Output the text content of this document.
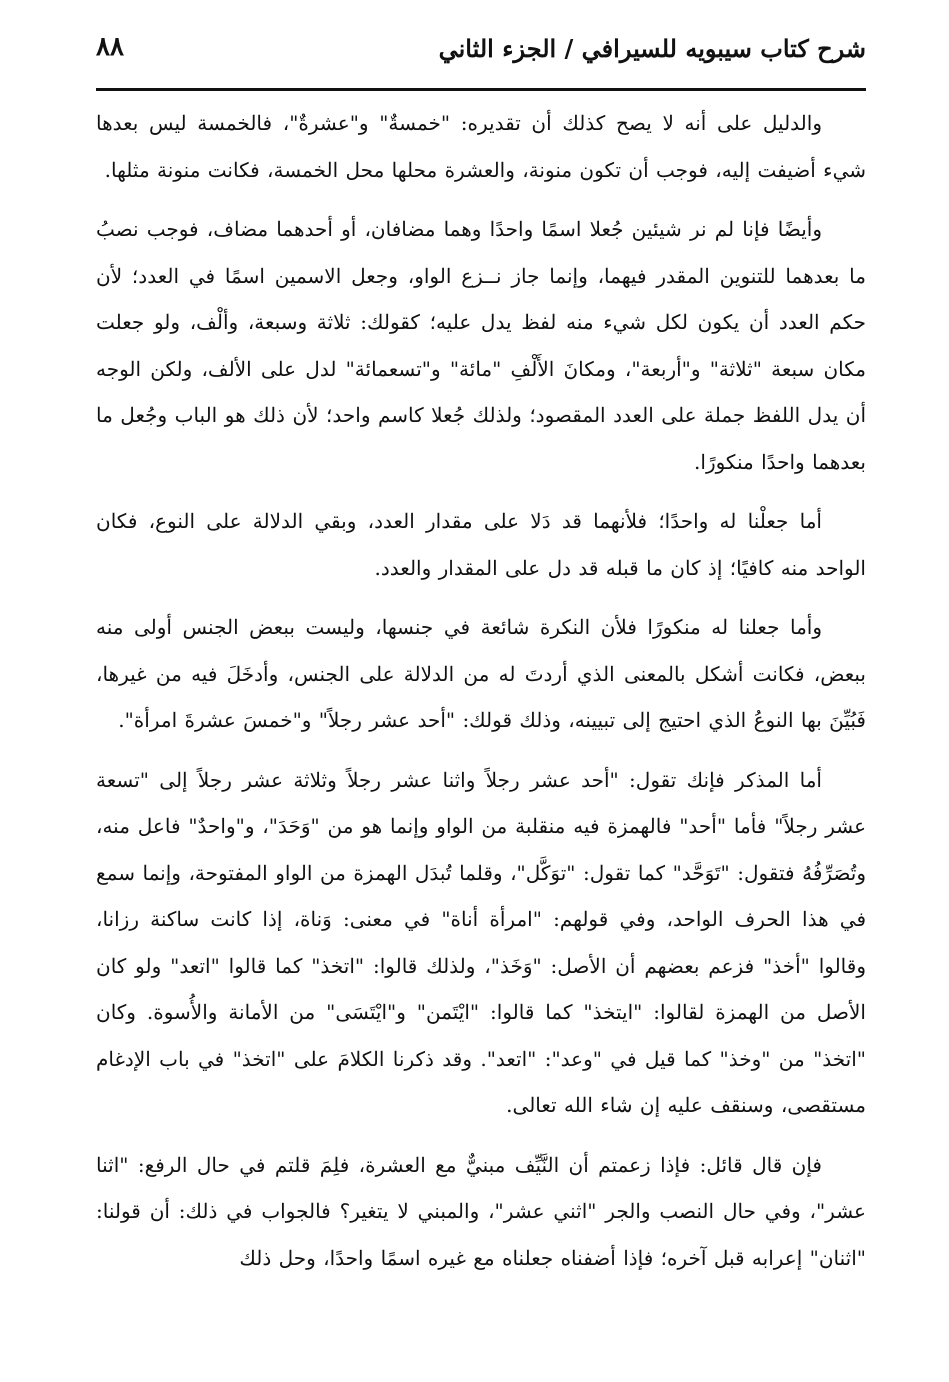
شرح كتاب سيبويه للسيرافي / الجزء الثاني
٨٨

والدليل على أنه لا يصح كذلك أن تقديره: "خمسةٌ" و"عشرةٌ"، فالخمسة ليس بعدها شيء أضيفت إليه، فوجب أن تكون منونة، والعشرة محلها محل الخمسة، فكانت منونة مثلها.

وأيضًا فإنا لم نر شيئين جُعلا اسمًا واحدًا وهما مضافان، أو أحدهما مضاف، فوجب نصبُ ما بعدهما للتنوين المقدر فيهما، وإنما جاز نــزع الواو، وجعل الاسمين اسمًا في العدد؛ لأن حكم العدد أن يكون لكل شيء منه لفظ يدل عليه؛ كقولك: ثلاثة وسبعة، وألْف، ولو جعلت مكان سبعة "ثلاثة" و"أربعة"، ومكانَ الأَلْفِ "مائة" و"تسعمائة" لدل على الألف، ولكن الوجه أن يدل اللفظ جملة على العدد المقصود؛ ولذلك جُعلا كاسم واحد؛ لأن ذلك هو الباب وجُعل ما بعدهما واحدًا منكورًا.

أما جعلْنا له واحدًا؛ فلأنهما قد دَلا على مقدار العدد، وبقي الدلالة على النوع، فكان الواحد منه كافيًا؛ إذ كان ما قبله قد دل على المقدار والعدد.

وأما جعلنا له منكورًا فلأن النكرة شائعة في جنسها، وليست ببعض الجنس أولى منه ببعض، فكانت أشكل بالمعنى الذي أردتَ له من الدلالة على الجنس، وأدخَلَ فيه من غيرها، فَبُيِّنَ بها النوعُ الذي احتيج إلى تبيينه، وذلك قولك: "أحد عشر رجلاً" و"خمسَ عشرةَ امرأة".

أما المذكر فإنك تقول: "أحد عشر رجلاً واثنا عشر رجلاً وثلاثة عشر رجلاً إلى "تسعة عشر رجلاً" فأما "أحد" فالهمزة فيه منقلبة من الواو وإنما هو من "وَحَدَ"، و"واحدٌ" فاعل منه، وتُصَرِّفُهُ فتقول: "تَوَحَّد" كما تقول: "توَكَّل"، وقلما تُبدَل الهمزة من الواو المفتوحة، وإنما سمع في هذا الحرف الواحد، وفي قولهم: "امرأة أناة" في معنى: وَناة، إذا كانت ساكنة رزانا، وقالوا "أخذ" فزعم بعضهم أن الأصل: "وَخَذ"، ولذلك قالوا: "اتخذ" كما قالوا "اتعد" ولو كان الأصل من الهمزة لقالوا: "ايتخذ" كما قالوا: "ايْتَمن" و"ايْتَسَى" من الأمانة والأُسوة. وكان "اتخذ" من "وخذ" كما قيل في "وعد": "اتعد". وقد ذكرنا الكلامَ على "اتخذ" في باب الإدغام مستقصى، وسنقف عليه إن شاء الله تعالى.

فإن قال قائل: فإذا زعمتم أن النَّيِّف مبنيٌّ مع العشرة، فلِمَ قلتم في حال الرفع: "اثنا عشر"، وفي حال النصب والجر "اثني عشر"، والمبني لا يتغير؟ فالجواب في ذلك: أن قولنا: "اثنان" إعرابه قبل آخره؛ فإذا أضفناه جعلناه مع غيره اسمًا واحدًا، وحل ذلك
